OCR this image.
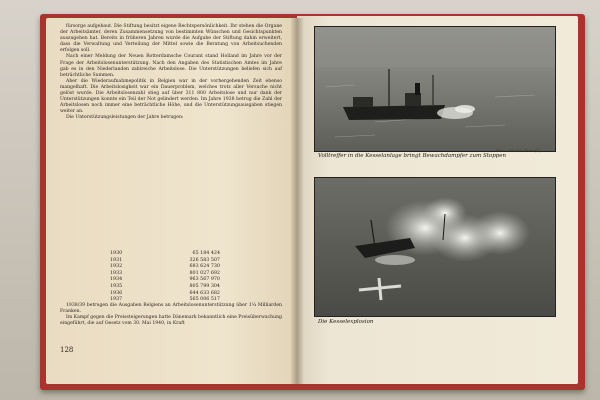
fürsorge aufgebaut. Die Stiftung besitzt eigene Rechtspersönlichkeit. Ihr stehen die Organe der Arbeitsämter, deren Zusammensetzung von bestimmten Wünschen und Gesichtspunkten auszugehen hat. Bereits in früheren Jahren wurde die Aufgabe der Stiftung dahin erweitert, dass die Verwaltung und Verteilung der Mittel sowie die Beratung von Arbeitsuchenden erfolgen soll.

Nach einer Meldung der Neuen Rotterdamsche Courant stand Holland im Jahre vor der Frage der Arbeitslosenunterstützung. Nach den Angaben des Statistischen Amtes im Jahre gab es in den Niederlanden zahlreiche Arbeitslose. Die Unterstützungen beliefen sich auf beträchtliche Summen.

Aber die Wiederaufnahmepolitik in Belgien war in der vorhergehenden Zeit ebenso mangelhaft. Die Arbeitslosigkeit war ein Dauerproblem, welches trotz aller Versuche nicht gelöst wurde. Die Arbeitslosenzahl stieg auf über 311 800 Arbeitslose und nur dank der Unterstützungen konnte ein Teil der Not gelindert werden. Im Jahre 1938 betrug die Zahl der Arbeitslosen noch immer eine beträchtliche Höhe, und die Unterstützungsausgaben stiegen weiter an.

Die Unterstützungsleistungen der Jahre betrugen:

1930	65 184 424
1931	326 583 507
1932	683 624 730
1933	801 027 692
1934	963 567 970
1935	805 799 304
1936	644 633 682
1937	565 006 517

1938/39 betrugen die Ausgaben Belgiens an Arbeitslosenunterstützung über 1¼ Milliarden Franken.

Im Kampf gegen die Preissteigerungen hatte Dänemark bekanntlich eine Preisüberwachung eingeführt, die auf Gesetz vom 30. Mai 1940, in Kraft

128
Volltreffer in die Kesselanlage bringt Bewachdampfer zum Stoppen
Foto: Atlantic Foto (1)
Die Kesselexplosion
